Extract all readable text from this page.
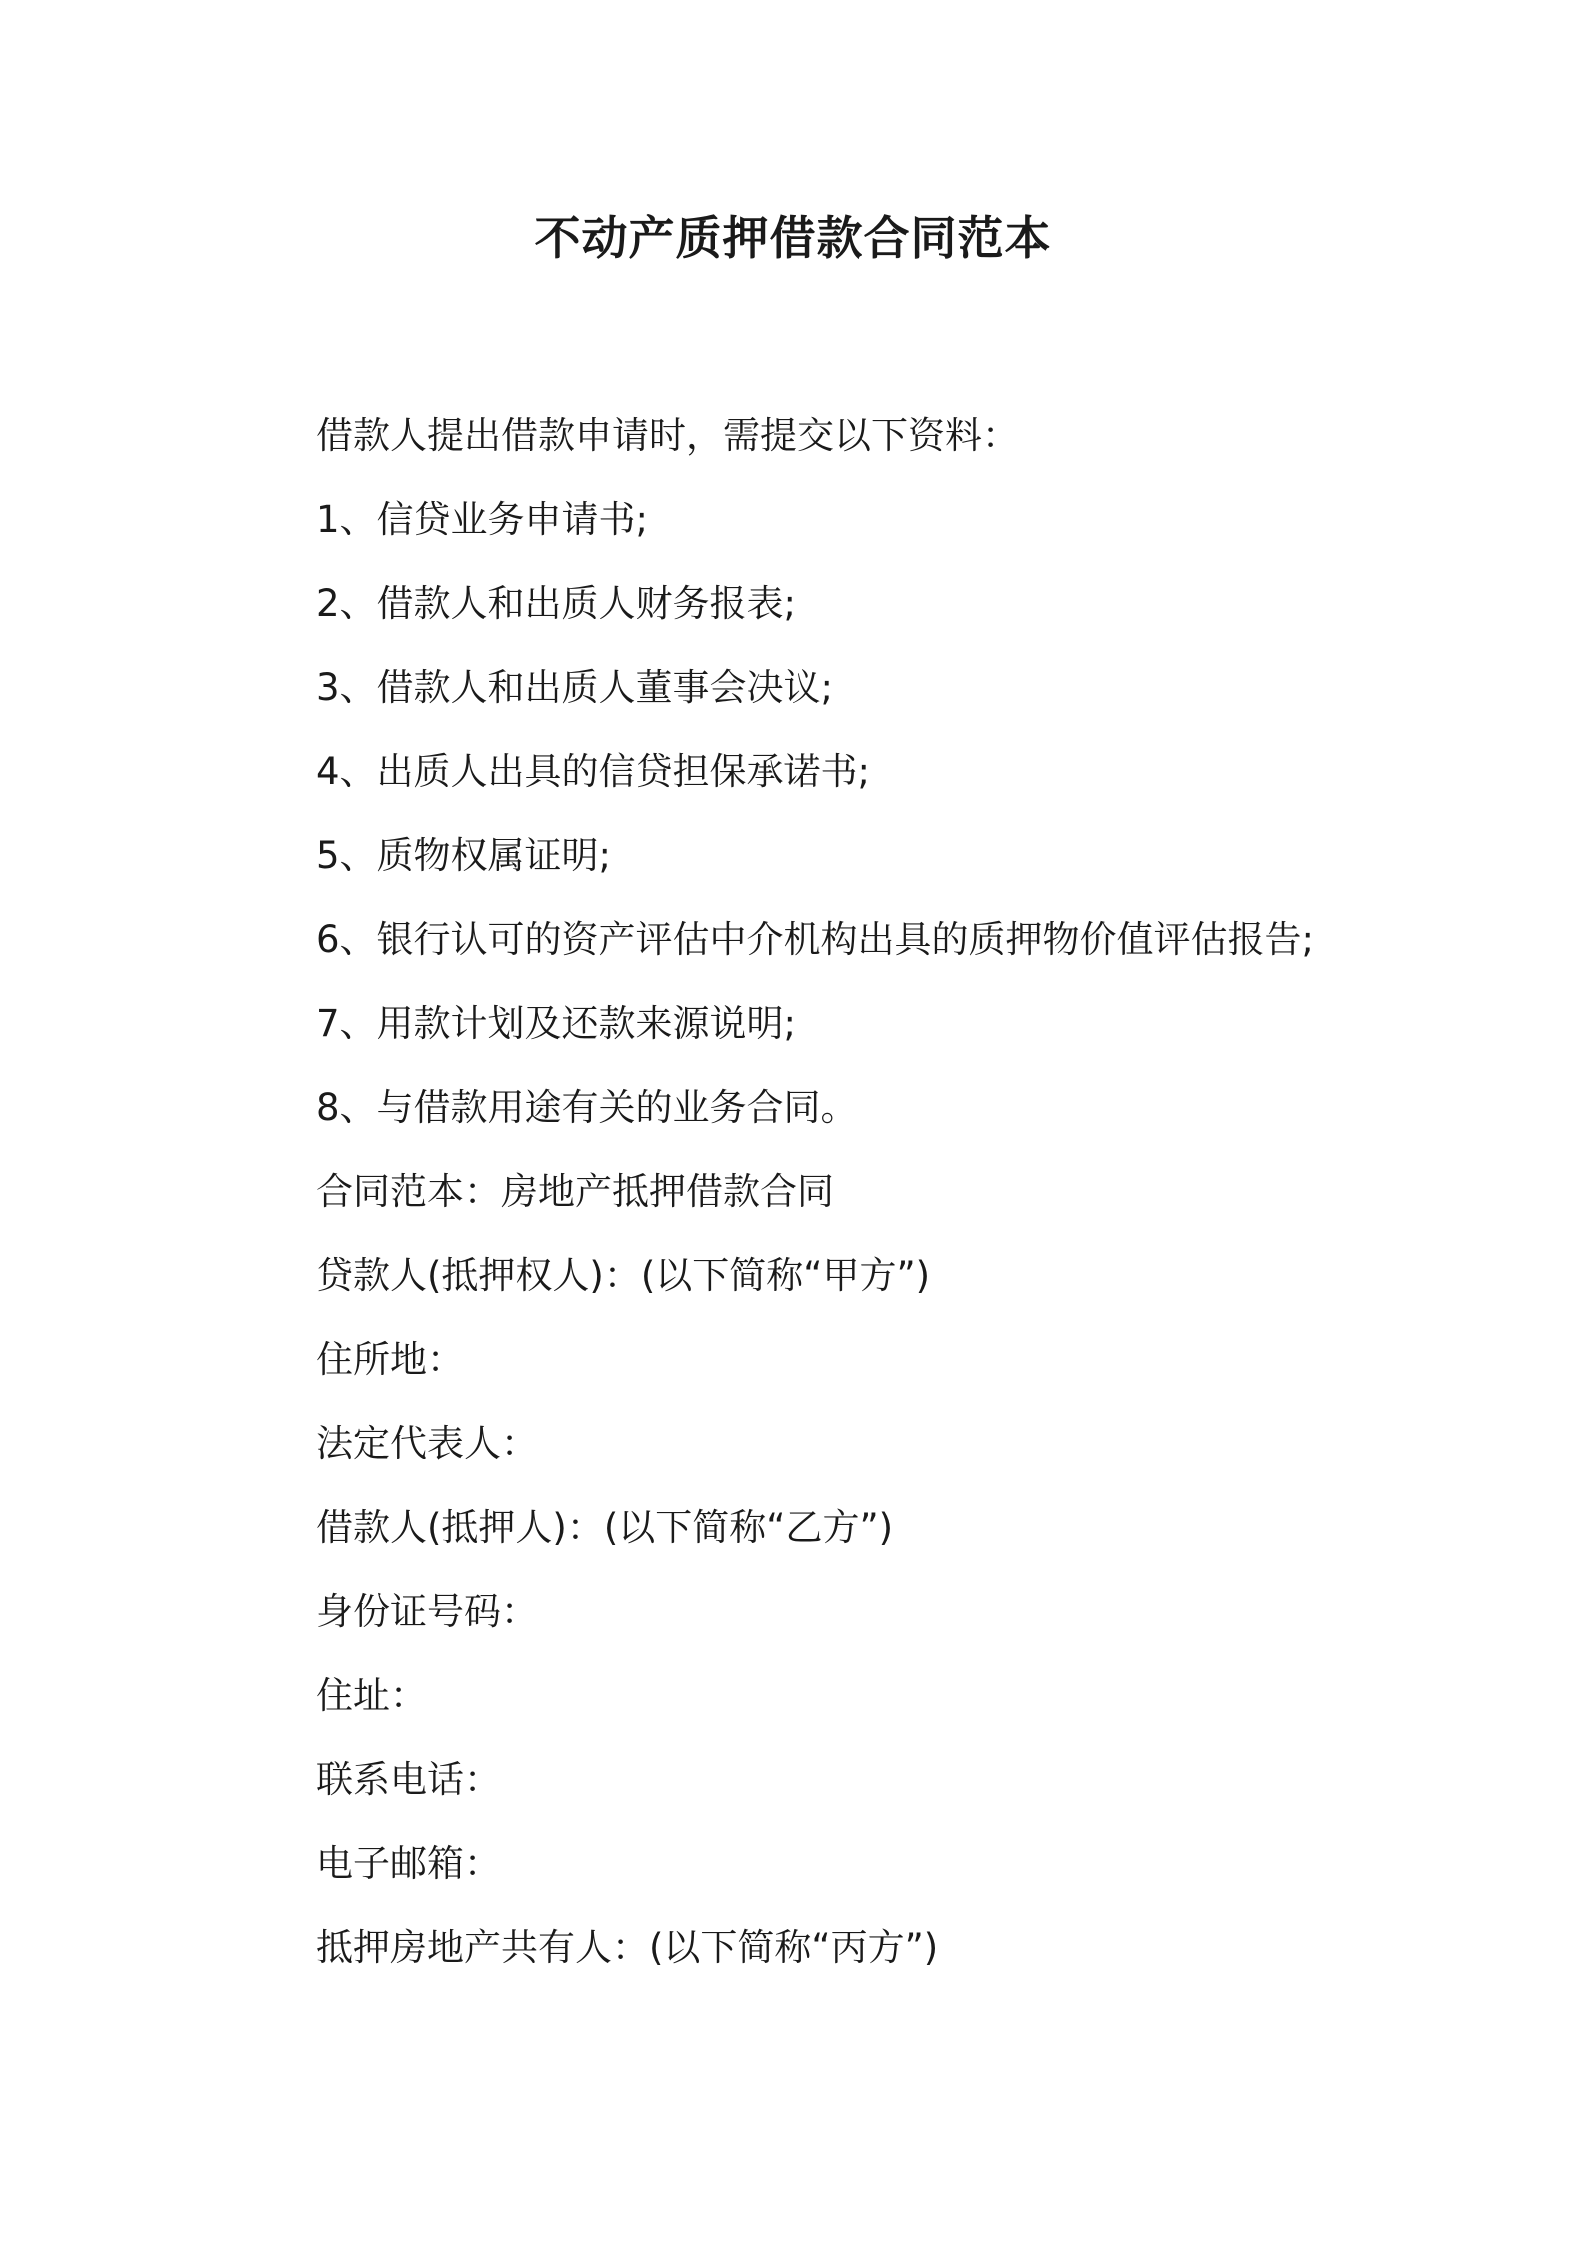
不动产质押借款合同范本

借款人提出借款申请时，需提交以下资料：

1、信贷业务申请书;

2、借款人和出质人财务报表;

3、借款人和出质人董事会决议;

4、出质人出具的信贷担保承诺书;

5、质物权属证明;

6、银行认可的资产评估中介机构出具的质押物价值评估报告;

7、用款计划及还款来源说明;

8、与借款用途有关的业务合同。

合同范本：房地产抵押借款合同

贷款人(抵押权人)：(以下简称“甲方”)

住所地：

法定代表人：

借款人(抵押人)：(以下简称“乙方”)

身份证号码：

住址：

联系电话：

电子邮箱：

抵押房地产共有人：(以下简称“丙方”)
